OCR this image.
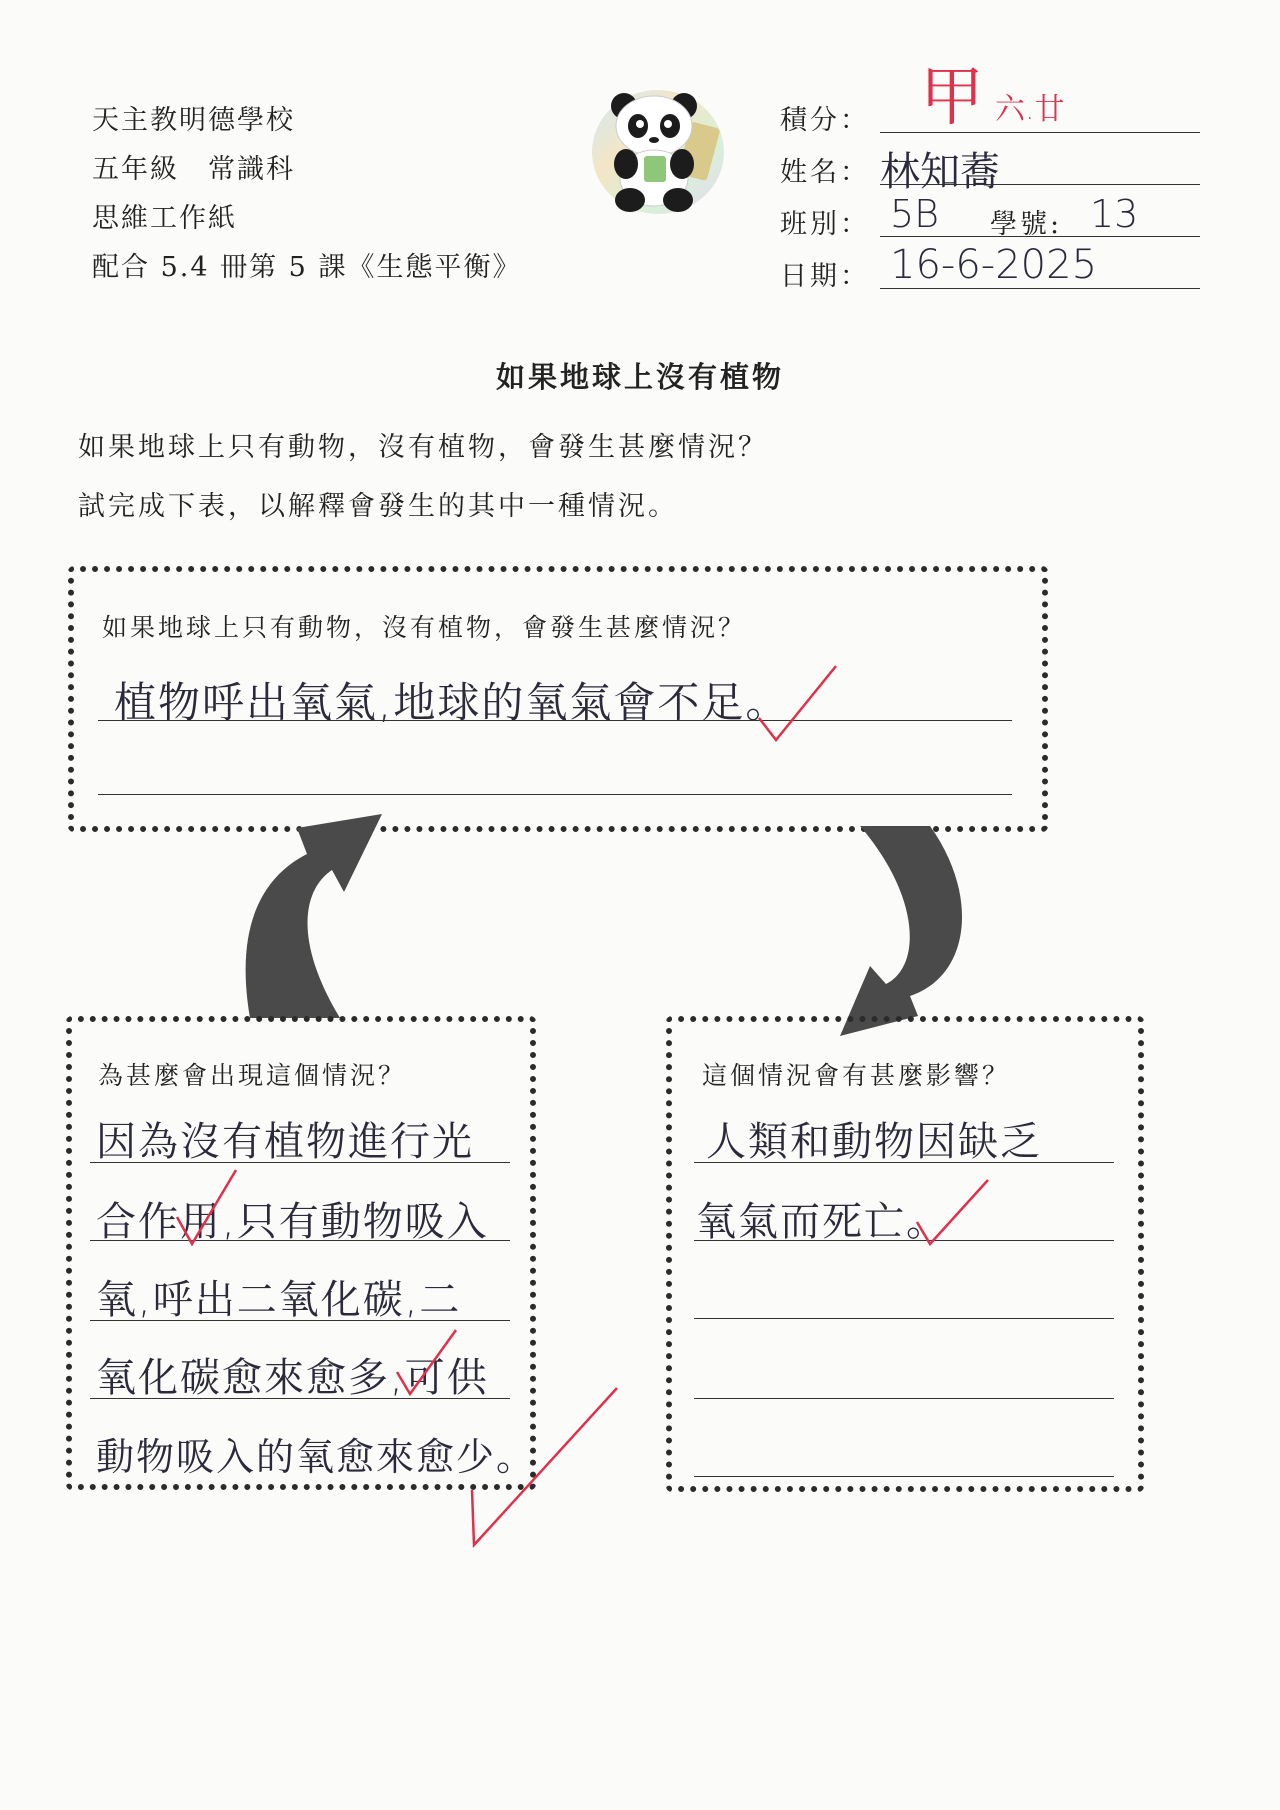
天主教明德學校
五年級　常識科
思維工作紙
配合 5.4 冊第 5 課《生態平衡》
積分： 甲 六.廿
姓名： 林知蕎
班別： 5B 學號: 13
日期： 16-6-2025
如果地球上沒有植物
如果地球上只有動物，沒有植物，會發生甚麼情況？
試完成下表，以解釋會發生的其中一種情況。
如果地球上只有動物，沒有植物，會發生甚麼情況？
植物呼出氧氣,地球的氧氣會不足。
為甚麼會出現這個情況？
因為沒有植物進行光
合作用,只有動物吸入
氧,呼出二氧化碳,二
氧化碳愈來愈多,可供
動物吸入的氧愈來愈少。
這個情況會有甚麼影響？
人類和動物因缺乏
氧氣而死亡。
